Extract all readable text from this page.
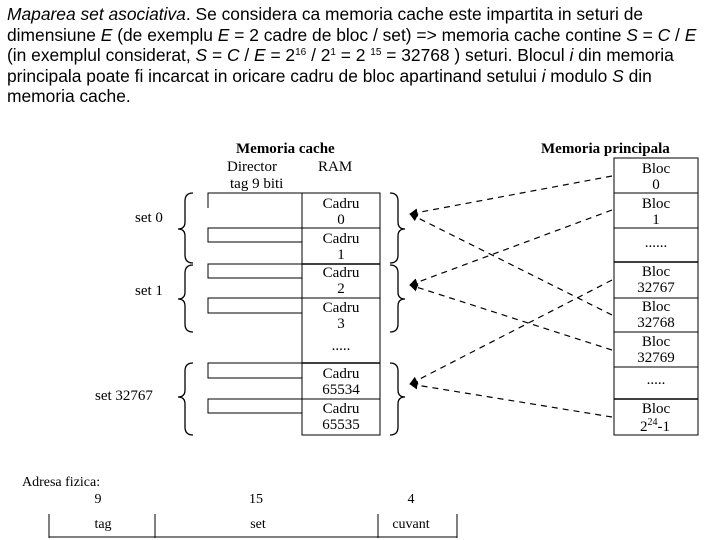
Maparea set asociativa. Se considera ca memoria cache este impartita in seturi de dimensiune E (de exemplu E = 2 cadre de bloc / set) => memoria cache contine S = C / E (in exemplul considerat, $S = C / E = 2^{16} / 2^1 = 2$ $^{15}$ = 32768 ) seturi. Blocul i din memoria principala poate fi incarcat in oricare cadru de bloc apartinand setului i modulo S din memoria cache.
Memoria cache
Director	RAM
tag 9 biti
Cadru
0
Cadru
1
Cadru
2
Cadru
3
.....
Cadru
65534
Cadru
65535
set 0
set 1
set 32767
Memoria principala
Bloc
0
Bloc
1
......
Bloc
32767
Bloc
32768
Bloc
32769
.....
Bloc
$2^{24}-1$
Adresa fizica:
9	15	4
tag	set	cuvant
